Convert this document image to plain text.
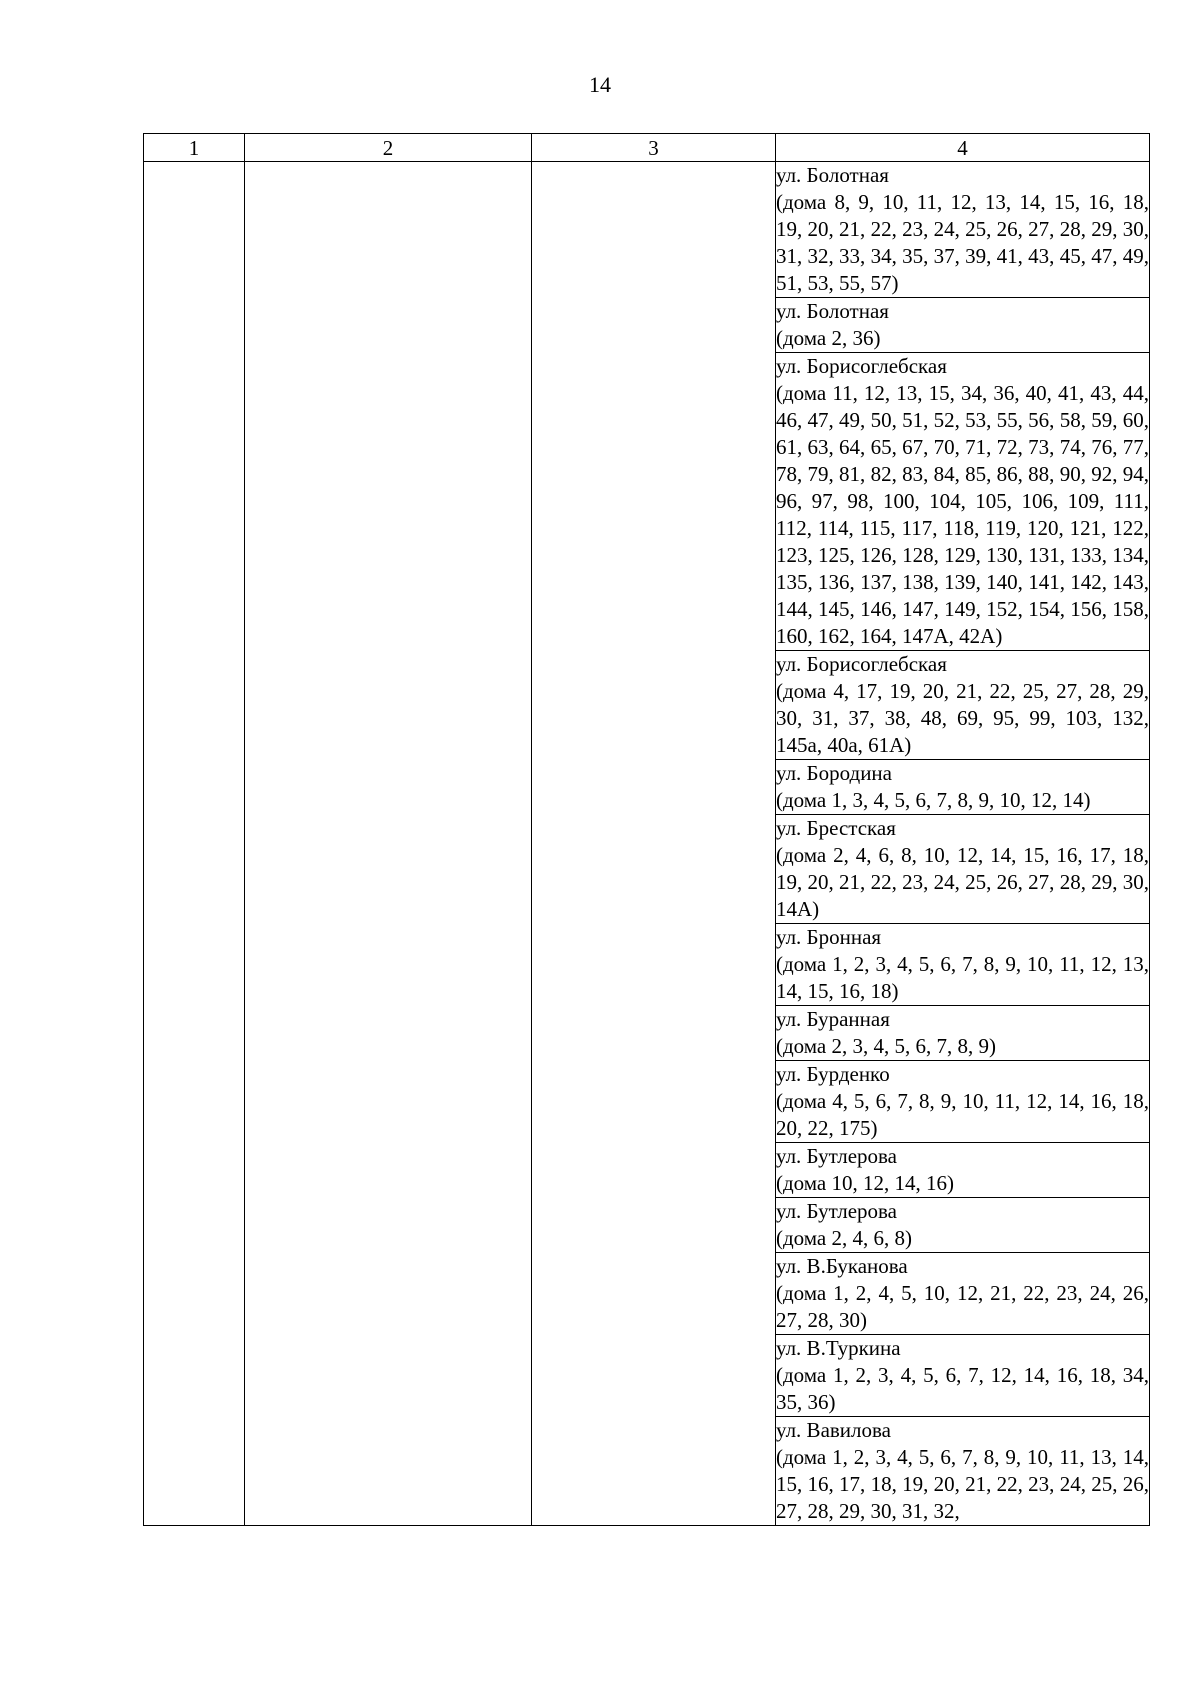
14
1	2	3	4

			ул. Болотная
(дома 8, 9, 10, 11, 12, 13, 14, 15, 16, 18, 19, 20, 21, 22, 23, 24, 25, 26, 27, 28, 29, 30, 31, 32, 33, 34, 35, 37, 39, 41, 43, 45, 47, 49, 51, 53, 55, 57)

			ул. Болотная
(дома 2, 36)

			ул. Борисоглебская
(дома 11, 12, 13, 15, 34, 36, 40, 41, 43, 44, 46, 47, 49, 50, 51, 52, 53, 55, 56, 58, 59, 60, 61, 63, 64, 65, 67, 70, 71, 72, 73, 74, 76, 77, 78, 79, 81, 82, 83, 84, 85, 86, 88, 90, 92, 94, 96, 97, 98, 100, 104, 105, 106, 109, 111, 112, 114, 115, 117, 118, 119, 120, 121, 122, 123, 125, 126, 128, 129, 130, 131, 133, 134, 135, 136, 137, 138, 139, 140, 141, 142, 143, 144, 145, 146, 147, 149, 152, 154, 156, 158, 160, 162, 164, 147А, 42А)

			ул. Борисоглебская
(дома 4, 17, 19, 20, 21, 22, 25, 27, 28, 29, 30, 31, 37, 38, 48, 69, 95, 99, 103, 132, 145а, 40а, 61А)

			ул. Бородина
(дома 1, 3, 4, 5, 6, 7, 8, 9, 10, 12, 14)

			ул. Брестская
(дома 2, 4, 6, 8, 10, 12, 14, 15, 16, 17, 18, 19, 20, 21, 22, 23, 24, 25, 26, 27, 28, 29, 30, 14А)

			ул. Бронная
(дома 1, 2, 3, 4, 5, 6, 7, 8, 9, 10, 11, 12, 13, 14, 15, 16, 18)

			ул. Буранная
(дома 2, 3, 4, 5, 6, 7, 8, 9)

			ул. Бурденко
(дома 4, 5, 6, 7, 8, 9, 10, 11, 12, 14, 16, 18, 20, 22, 175)

			ул. Бутлерова
(дома 10, 12, 14, 16)

			ул. Бутлерова
(дома 2, 4, 6, 8)

			ул. В.Буканова
(дома 1, 2, 4, 5, 10, 12, 21, 22, 23, 24, 26, 27, 28, 30)

			ул. В.Туркина
(дома 1, 2, 3, 4, 5, 6, 7, 12, 14, 16, 18, 34, 35, 36)

			ул. Вавилова
(дома 1, 2, 3, 4, 5, 6, 7, 8, 9, 10, 11, 13, 14, 15, 16, 17, 18, 19, 20, 21, 22, 23, 24, 25, 26, 27, 28, 29, 30, 31, 32,
